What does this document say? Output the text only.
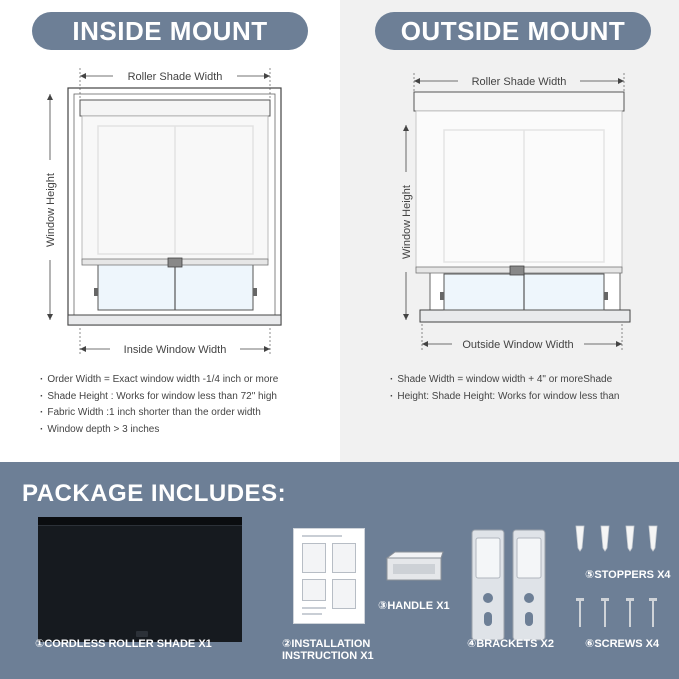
INSIDE MOUNT	OUTSIDE MOUNT
Roller Shade Width
Window Height
Inside Window Width
Roller Shade Width
Window Height
Outside Window Width
· Order Width = Exact window width -1/4 inch or more
· Shade Height : Works for window less than 72" high
· Fabric Width :1 inch shorter than the order width
· Window depth > 3 inches
· Shade Width = window width + 4" or moreShade
· Height: Shade Height: Works for window less than
PACKAGE INCLUDES:
①CORDLESS ROLLER SHADE X1	②INSTALLATION
INSTRUCTION X1
③HANDLE X1
④BRACKETS X2
⑤STOPPERS X4
⑥SCREWS X4
